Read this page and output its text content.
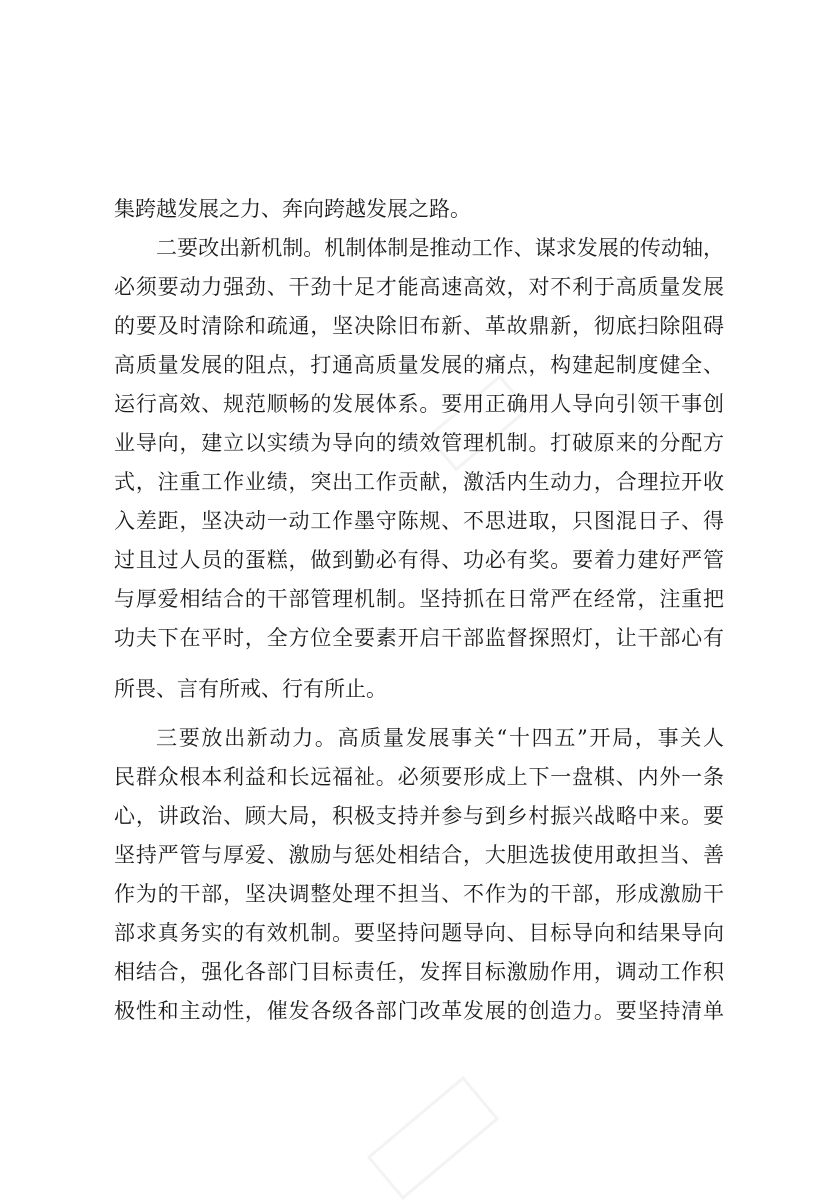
集跨越发展之力、奔向跨越发展之路。
二要改出新机制。机制体制是推动工作、谋求发展的传动轴，
必须要动力强劲、干劲十足才能高速高效，对不利于高质量发展
的要及时清除和疏通，坚决除旧布新、革故鼎新，彻底扫除阻碍
高质量发展的阻点，打通高质量发展的痛点，构建起制度健全、
运行高效、规范顺畅的发展体系。要用正确用人导向引领干事创
业导向，建立以实绩为导向的绩效管理机制。打破原来的分配方
式，注重工作业绩，突出工作贡献，激活内生动力，合理拉开收
入差距，坚决动一动工作墨守陈规、不思进取，只图混日子、得
过且过人员的蛋糕，做到勤必有得、功必有奖。要着力建好严管
与厚爱相结合的干部管理机制。坚持抓在日常严在经常，注重把
功夫下在平时，全方位全要素开启干部监督探照灯，让干部心有
所畏、言有所戒、行有所止。
三要放出新动力。高质量发展事关“十四五”开局，事关人
民群众根本利益和长远福祉。必须要形成上下一盘棋、内外一条
心，讲政治、顾大局，积极支持并参与到乡村振兴战略中来。要
坚持严管与厚爱、激励与惩处相结合，大胆选拔使用敢担当、善
作为的干部，坚决调整处理不担当、不作为的干部，形成激励干
部求真务实的有效机制。要坚持问题导向、目标导向和结果导向
相结合，强化各部门目标责任，发挥目标激励作用，调动工作积
极性和主动性，催发各级各部门改革发展的创造力。要坚持清单
